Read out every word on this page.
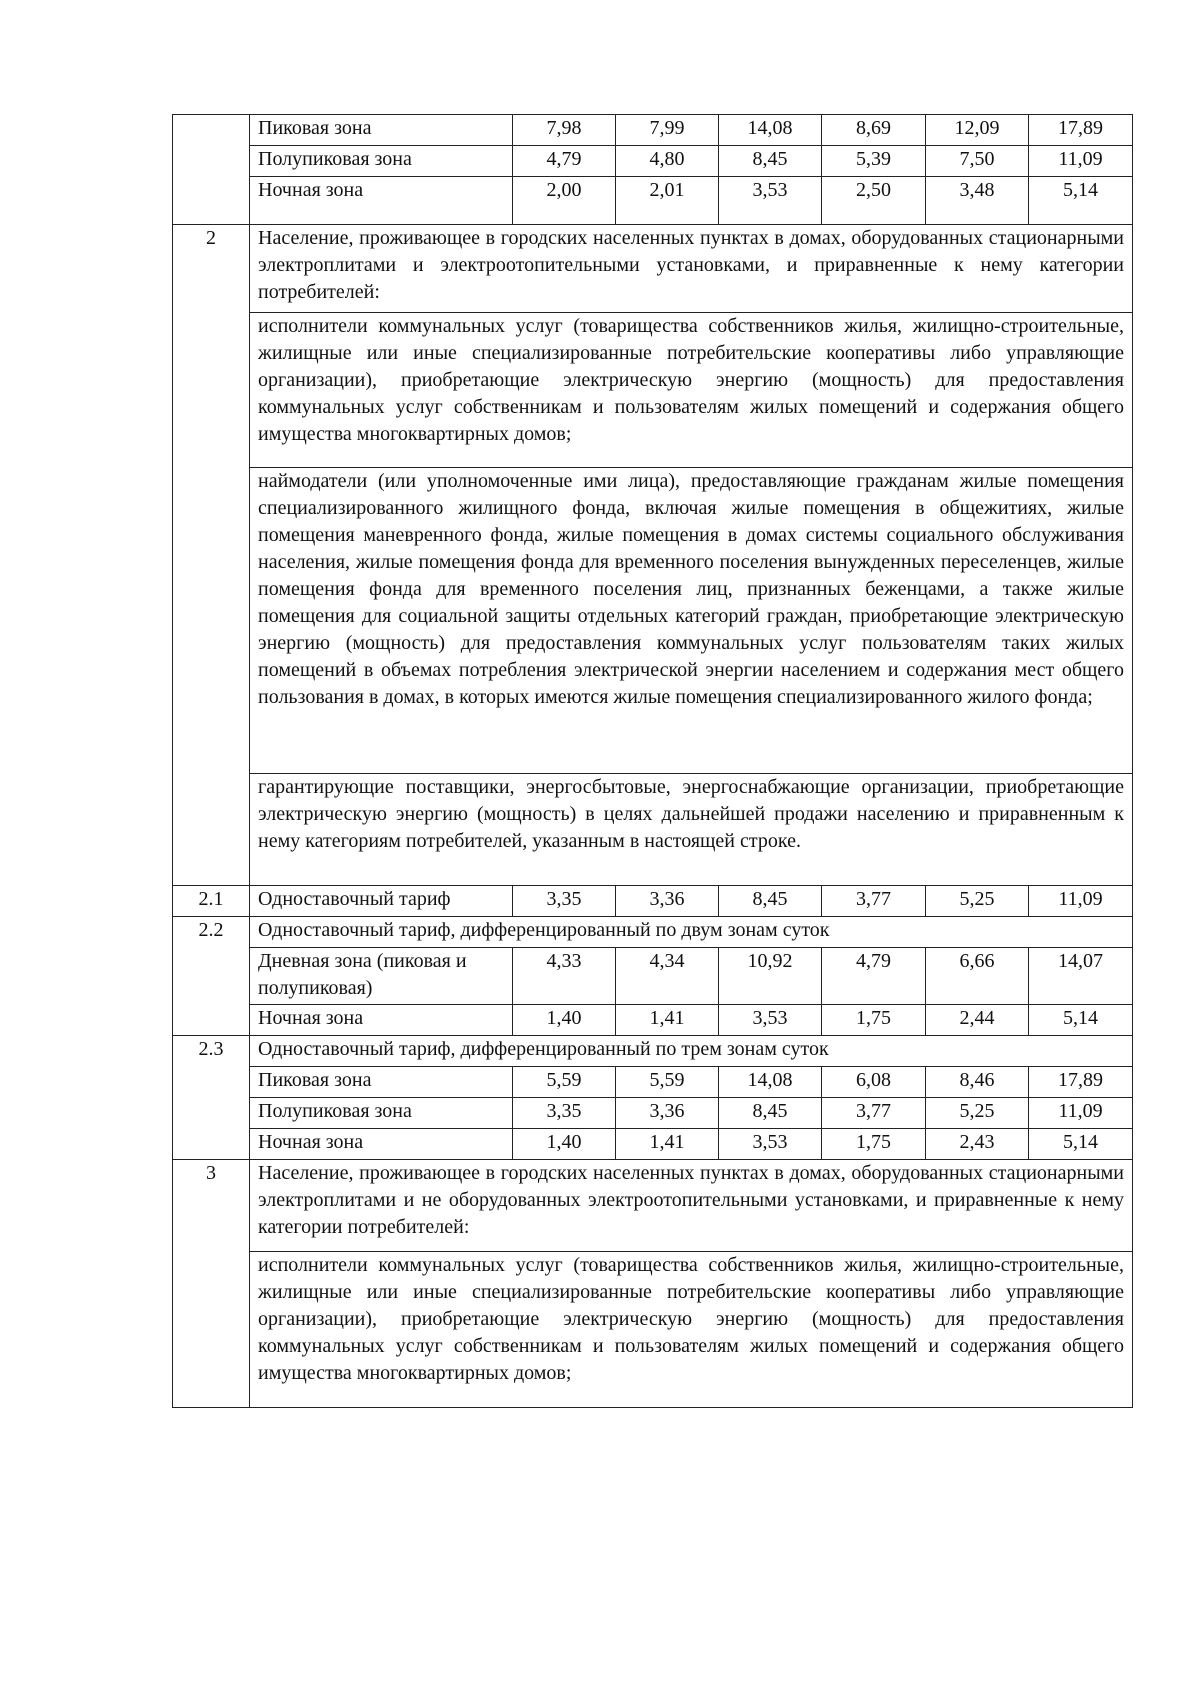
	Пиковая зона	7,98	7,99	14,08	8,69	12,09	17,89
	Полупиковая зона	4,79	4,80	8,45	5,39	7,50	11,09
	Ночная зона	2,00	2,01	3,53	2,50	3,48	5,14
2	Население, проживающее в городских населенных пунктах в домах, оборудованных стационарными электроплитами и электроотопительными установками, и приравненные к нему категории потребителей:						
	исполнители коммунальных услуг (товарищества собственников жилья, жилищно-строительные, жилищные или иные специализированные потребительские кооперативы либо управляющие организации), приобретающие электрическую энергию (мощность) для предоставления коммунальных услуг собственникам и пользователям жилых помещений и содержания общего имущества многоквартирных домов;						
	наймодатели (или уполномоченные ими лица), предоставляющие гражданам жилые помещения специализированного жилищного фонда, включая жилые помещения в общежитиях, жилые помещения маневренного фонда, жилые помещения в домах системы социального обслуживания населения, жилые помещения фонда для временного поселения вынужденных переселенцев, жилые помещения фонда для временного поселения лиц, признанных беженцами, а также жилые помещения для социальной защиты отдельных категорий граждан, приобретающие электрическую энергию (мощность) для предоставления коммунальных услуг пользователям таких жилых помещений в объемах потребления электрической энергии населением и содержания мест общего пользования в домах, в которых имеются жилые помещения специализированного жилого фонда;						
	гарантирующие поставщики, энергосбытовые, энергоснабжающие организации, приобретающие электрическую энергию (мощность) в целях дальнейшей продажи населению и приравненным к нему категориям потребителей, указанным в настоящей строке.						
2.1	Одноставочный тариф	3,35	3,36	8,45	3,77	5,25	11,09
2.2	Одноставочный тариф, дифференцированный по двум зонам суток						
	Дневная зона (пиковая и полупиковая)	4,33	4,34	10,92	4,79	6,66	14,07
	Ночная зона	1,40	1,41	3,53	1,75	2,44	5,14
2.3	Одноставочный тариф, дифференцированный по трем зонам суток						
	Пиковая зона	5,59	5,59	14,08	6,08	8,46	17,89
	Полупиковая зона	3,35	3,36	8,45	3,77	5,25	11,09
	Ночная зона	1,40	1,41	3,53	1,75	2,43	5,14
3	Население, проживающее в городских населенных пунктах в домах, оборудованных стационарными электроплитами и не оборудованных электроотопительными установками, и приравненные к нему категории потребителей:						
	исполнители коммунальных услуг (товарищества собственников жилья, жилищно-строительные, жилищные или иные специализированные потребительские кооперативы либо управляющие организации), приобретающие электрическую энергию (мощность) для предоставления коммунальных услуг собственникам и пользователям жилых помещений и содержания общего имущества многоквартирных домов;						
